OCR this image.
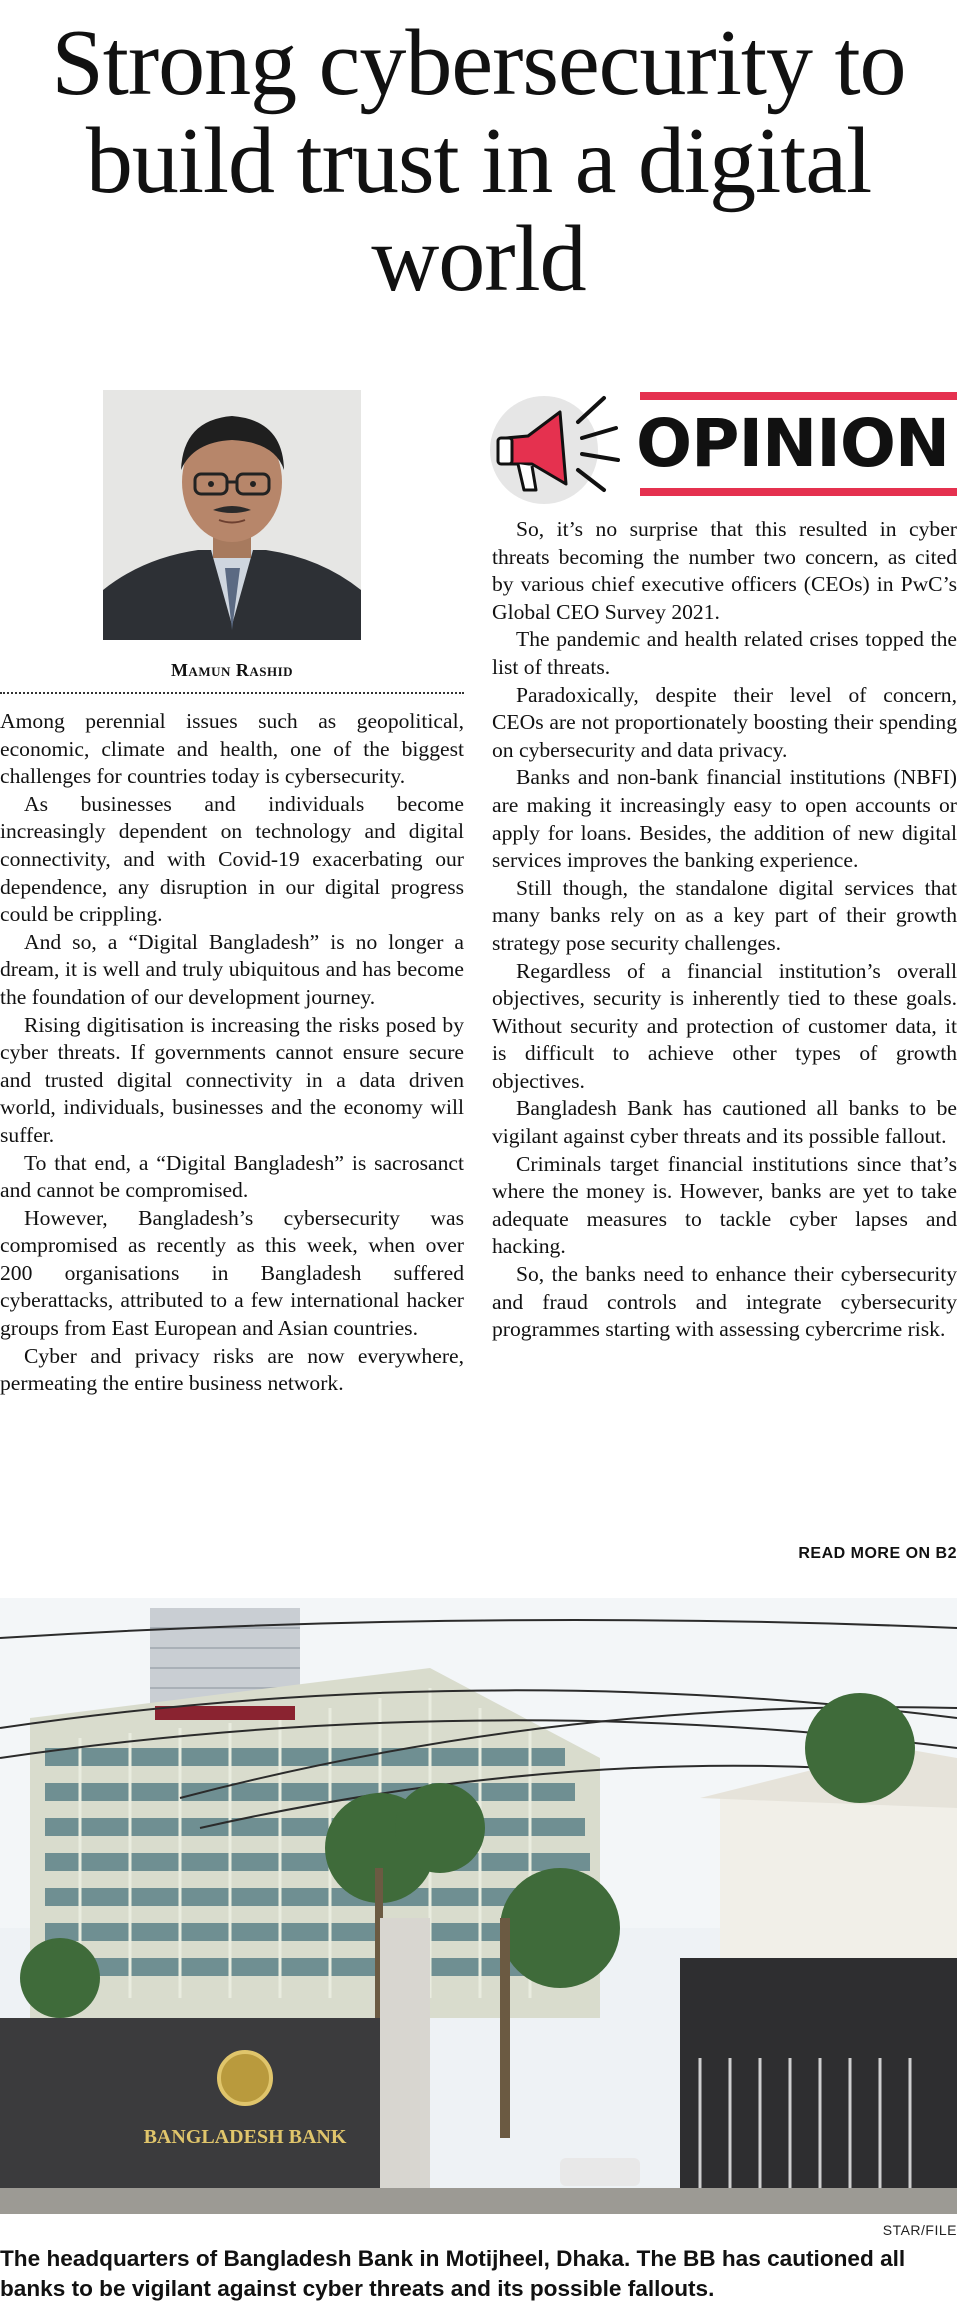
Strong cybersecurity to build trust in a digital world
Mamun Rashid
OPINION

Among perennial issues such as geopolitical, economic, climate and health, one of the biggest challenges for countries today is cybersecurity.

As businesses and individuals become increasingly dependent on technology and digital connectivity, and with Covid-19 exacerbating our dependence, any disruption in our digital progress could be crippling.

And so, a “Digital Bangladesh” is no longer a dream, it is well and truly ubiquitous and has become the foundation of our development journey.

Rising digitisation is increasing the risks posed by cyber threats. If governments cannot ensure secure and trusted digital connectivity in a data driven world, individuals, businesses and the economy will suffer.

To that end, a “Digital Bangladesh” is sacrosanct and cannot be compromised.

However, Bangladesh’s cybersecurity was compromised as recently as this week, when over 200 organisations in Bangladesh suffered cyberattacks, attributed to a few international hacker groups from East European and Asian countries.

Cyber and privacy risks are now everywhere, permeating the entire business network.

So, it’s no surprise that this resulted in cyber threats becoming the number two concern, as cited by various chief executive officers (CEOs) in PwC’s Global CEO Survey 2021.

The pandemic and health related crises topped the list of threats.

Paradoxically, despite their level of concern, CEOs are not proportionately boosting their spending on cybersecurity and data privacy.

Banks and non-bank financial institutions (NBFI) are making it increasingly easy to open accounts or apply for loans. Besides, the addition of new digital services improves the banking experience.

Still though, the standalone digital services that many banks rely on as a key part of their growth strategy pose security challenges.

Regardless of a financial institution’s overall objectives, security is inherently tied to these goals. Without security and protection of customer data, it is difficult to achieve other types of growth objectives.

Bangladesh Bank has cautioned all banks to be vigilant against cyber threats and its possible fallout.

Criminals target financial institutions since that’s where the money is. However, banks are yet to take adequate measures to tackle cyber lapses and hacking.

So, the banks need to enhance their cybersecurity and fraud controls and integrate cybersecurity programmes starting with assessing cybercrime risk.

READ MORE ON B2
BANGLADESH BANK
STAR/FILE

The headquarters of Bangladesh Bank in Motijheel, Dhaka. The BB has cautioned all banks to be vigilant against cyber threats and its possible fallouts.
